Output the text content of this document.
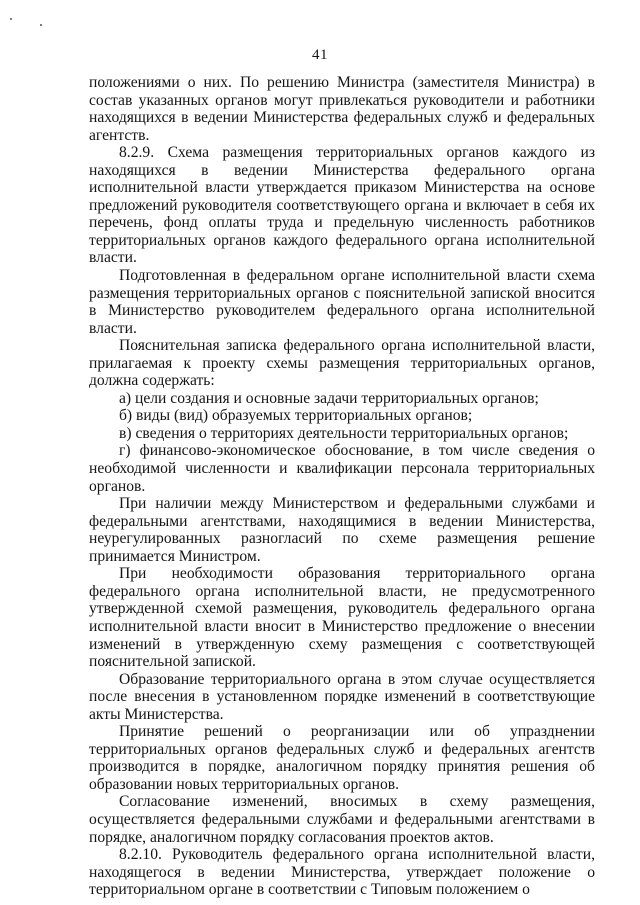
41

положениями о них. По решению Министра (заместителя Министра) в состав указанных органов могут привлекаться руководители и работники находящихся в ведении Министерства федеральных служб и федеральных агентств.

8.2.9. Схема размещения территориальных органов каждого из находящихся в ведении Министерства федерального органа исполнительной власти утверждается приказом Министерства на основе предложений руководителя соответствующего органа и включает в себя их перечень, фонд оплаты труда и предельную численность работников территориальных органов каждого федерального органа исполнительной власти.

Подготовленная в федеральном органе исполнительной власти схема размещения территориальных органов с пояснительной запиской вносится в Министерство руководителем федерального органа исполнительной власти.

Пояснительная записка федерального органа исполнительной власти, прилагаемая к проекту схемы размещения территориальных органов, должна содержать:

а) цели создания и основные задачи территориальных органов;

б) виды (вид) образуемых территориальных органов;

в) сведения о территориях деятельности территориальных органов;

г) финансово-экономическое обоснование, в том числе сведения о необходимой численности и квалификации персонала территориальных органов.

При наличии между Министерством и федеральными службами и федеральными агентствами, находящимися в ведении Министерства, неурегулированных разногласий по схеме размещения решение принимается Министром.

При необходимости образования территориального органа федерального органа исполнительной власти, не предусмотренного утвержденной схемой размещения, руководитель федерального органа исполнительной власти вносит в Министерство предложение о внесении изменений в утвержденную схему размещения с соответствующей пояснительной запиской.

Образование территориального органа в этом случае осуществляется после внесения в установленном порядке изменений в соответствующие акты Министерства.

Принятие решений о реорганизации или об упразднении территориальных органов федеральных служб и федеральных агентств производится в порядке, аналогичном порядку принятия решения об образовании новых территориальных органов.

Согласование изменений, вносимых в схему размещения, осуществляется федеральными службами и федеральными агентствами в порядке, аналогичном порядку согласования проектов актов.

8.2.10. Руководитель федерального органа исполнительной власти, находящегося в ведении Министерства, утверждает положение о территориальном органе в соответствии с Типовым положением о
